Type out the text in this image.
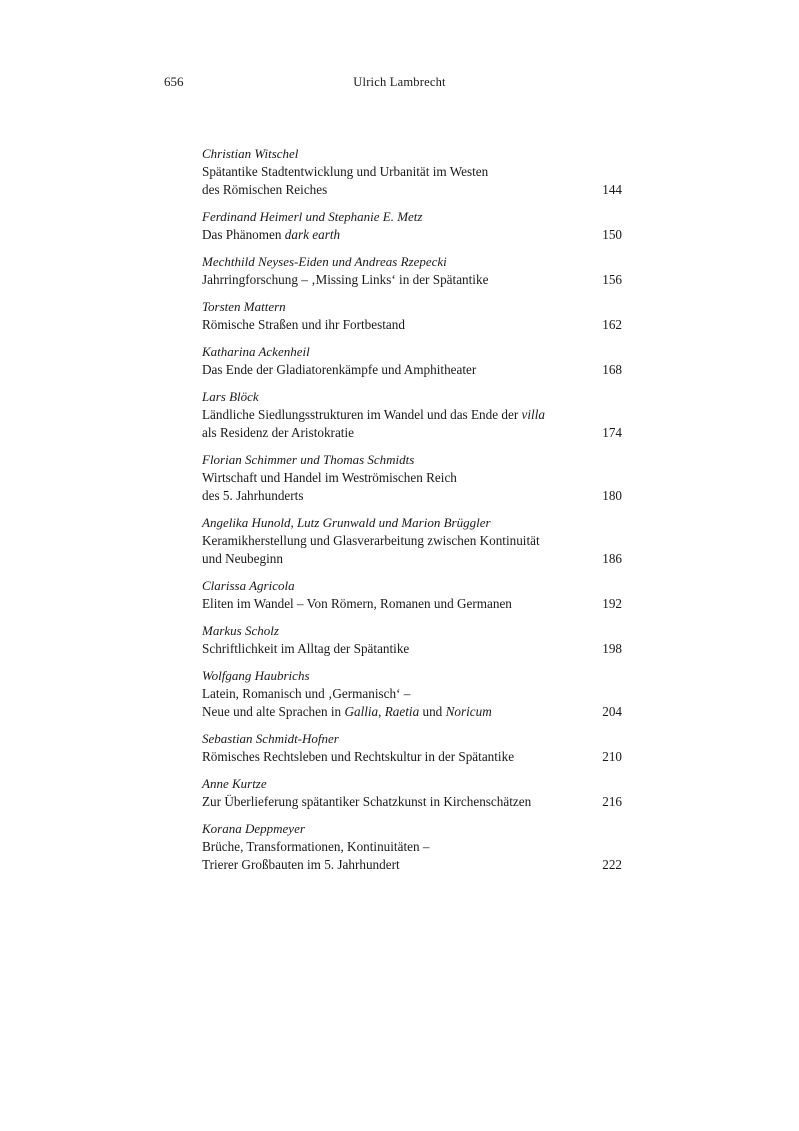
656	Ulrich Lambrecht
Christian Witschel
Spätantike Stadtentwicklung und Urbanität im Westen
des Römischen Reiches	144
Ferdinand Heimerl und Stephanie E. Metz
Das Phänomen dark earth	150
Mechthild Neyses-Eiden und Andreas Rzepecki
Jahrringforschung – ‚Missing Links‘ in der Spätantike	156
Torsten Mattern
Römische Straßen und ihr Fortbestand	162
Katharina Ackenheil
Das Ende der Gladiatorenkämpfe und Amphitheater	168
Lars Blöck
Ländliche Siedlungsstrukturen im Wandel und das Ende der villa
als Residenz der Aristokratie	174
Florian Schimmer und Thomas Schmidts
Wirtschaft und Handel im Weströmischen Reich
des 5. Jahrhunderts	180
Angelika Hunold, Lutz Grunwald und Marion Brüggler
Keramikherstellung und Glasverarbeitung zwischen Kontinuität
und Neubeginn	186
Clarissa Agricola
Eliten im Wandel – Von Römern, Romanen und Germanen	192
Markus Scholz
Schriftlichkeit im Alltag der Spätantike	198
Wolfgang Haubrichs
Latein, Romanisch und ‚Germanisch‘ –
Neue und alte Sprachen in Gallia, Raetia und Noricum	204
Sebastian Schmidt-Hofner
Römisches Rechtsleben und Rechtskultur in der Spätantike	210
Anne Kurtze
Zur Überlieferung spätantiker Schatzkunst in Kirchenschätzen	216
Korana Deppmeyer
Brüche, Transformationen, Kontinuitäten –
Trierer Großbauten im 5. Jahrhundert	222
